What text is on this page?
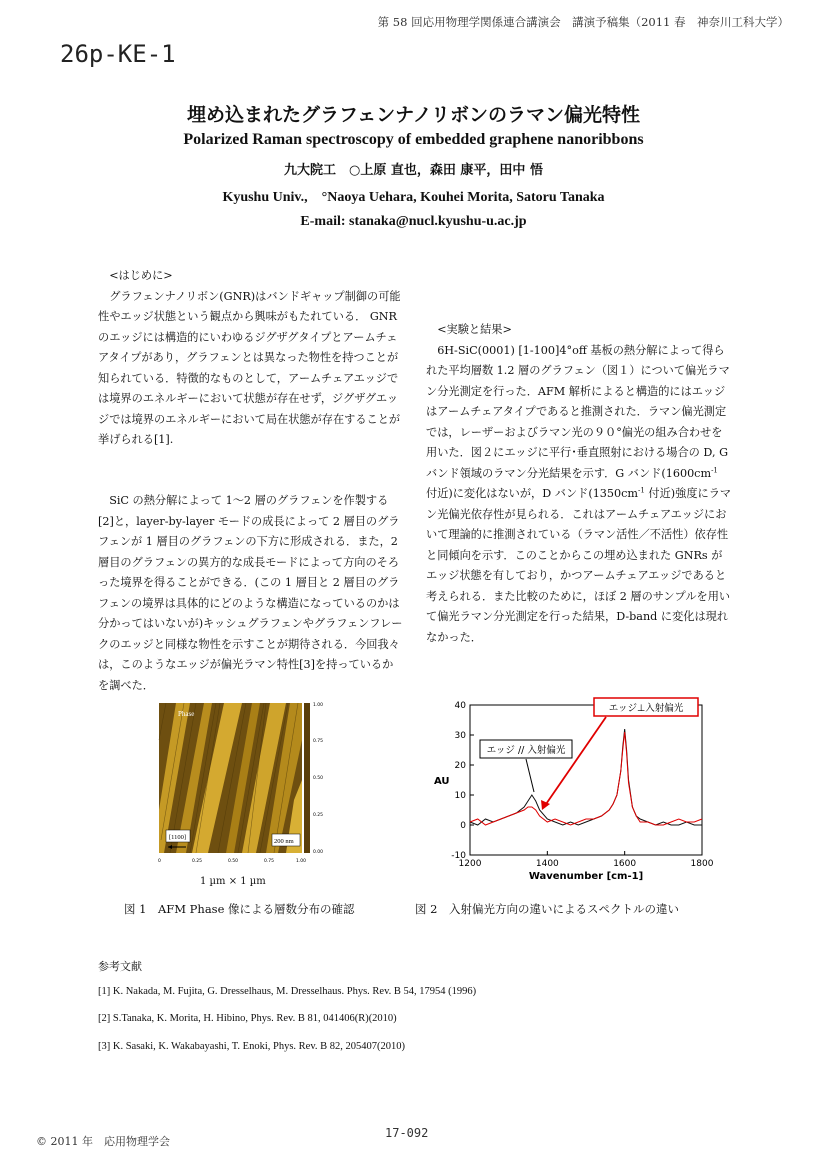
第 58 回応用物理学関係連合講演会　講演予稿集（2011 春　神奈川工科大学）
26p-KE-1
埋め込まれたグラフェンナノリボンのラマン偏光特性
Polarized Raman spectroscopy of embedded graphene nanoribbons
九大院工　○上原 直也，森田 康平，田中 悟
Kyushu Univ.,　°Naoya Uehara, Kouhei Morita, Satoru Tanaka
E-mail: stanaka@nucl.kyushu-u.ac.jp

<はじめに>

グラフェンナノリボン(GNR)はバンドギャップ制御の可能性やエッジ状態という観点から興味がもたれている． GNR のエッジには構造的にいわゆるジグザグタイプとアームチェアタイプがあり，グラフェンとは異なった物性を持つことが知られている．特徴的なものとして，アームチェアエッジでは境界のエネルギーにおいて状態が存在せず，ジグザグエッジでは境界のエネルギーにおいて局在状態が存在することが挙げられる[1].

SiC の熱分解によって 1〜2 層のグラフェンを作製する[2]と，layer-by-layer モードの成長によって 2 層目のグラフェンが 1 層目のグラフェンの下方に形成される．また，2 層目のグラフェンの異方的な成長モードによって方向のそろった境界を得ることができる．(この 1 層目と 2 層目のグラフェンの境界は具体的にどのような構造になっているのかは分かってはいないが)キッシュグラフェンやグラフェンフレークのエッジと同様な物性を示すことが期待される．今回我々は，このようなエッジが偏光ラマン特性[3]を持っているかを調べた．

<実験と結果>

6H-SiC(0001) [1-100]4°off 基板の熱分解によって得られた平均層数 1.2 層のグラフェン（図１）について偏光ラマン分光測定を行った．AFM 解析によると構造的にはエッジはアームチェアタイプであると推測された．ラマン偏光測定では，レーザーおよびラマン光の９０°偏光の組み合わせを用いた．図２にエッジに平行･垂直照射における場合の D, G バンド領域のラマン分光結果を示す．G バンド($1600cm^{-1}$ 付近)に変化はないが，D バンド($1350cm^{-1}$ 付近)強度にラマン光偏光依存性が見られる．これはアームチェアエッジにおいて理論的に推測されている（ラマン活性／不活性）依存性と同傾向を示す．このことからこの埋め込まれた GNRs がエッジ状態を有しており，かつアームチェアエッジであると考えられる．また比較のために，ほぼ 2 層のサンプルを用いて偏光ラマン分光測定を行った結果，D-band に変化は現れなかった．

Phase
[1100]
200 nm
1.00
0.75
0.50
0.25
0.00
0	0.25	0.50	0.75	1.00
1 µm × 1 µm
図 1　AFM Phase 像による層数分布の確認
-10
0
10
20
30
40
1200	1400	1600	1800
Wavenumber [cm-1]
AU
エッジ // 入射偏光
エッジ⊥入射偏光
図 2　入射偏光方向の違いによるスペクトルの違い
参考文献
[1] K. Nakada, M. Fujita, G. Dresselhaus, M. Dresselhaus. Phys. Rev. B 54, 17954 (1996)
[2] S.Tanaka, K. Morita, H. Hibino, Phys. Rev. B 81, 041406(R)(2010)
[3] K. Sasaki, K. Wakabayashi, T. Enoki, Phys. Rev. B 82, 205407(2010)
17-092
© 2011 年　応用物理学会
